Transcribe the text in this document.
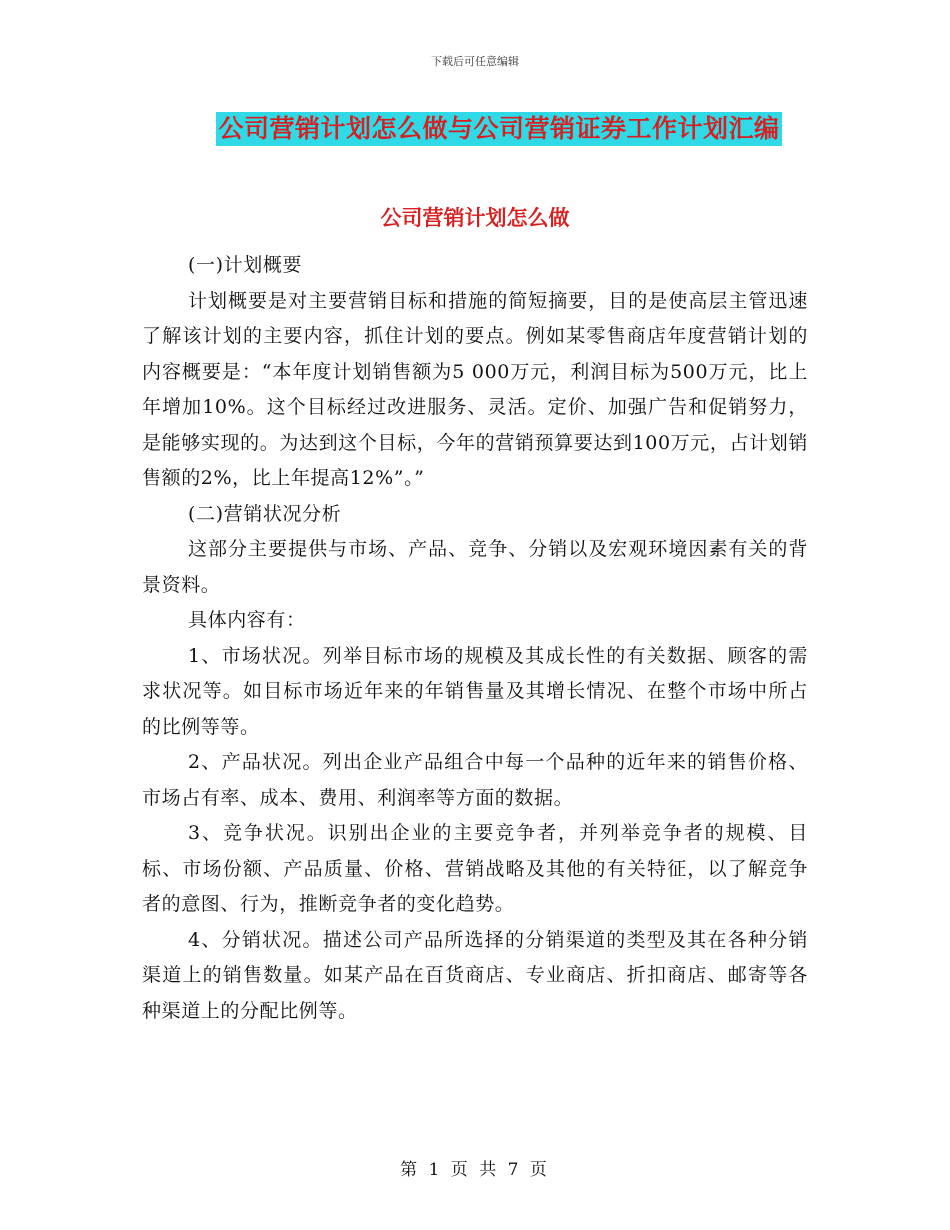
下载后可任意编辑
公司营销计划怎么做与公司营销证券工作计划汇编
公司营销计划怎么做

(一)计划概要

计划概要是对主要营销目标和措施的简短摘要，目的是使高层主管迅速了解该计划的主要内容，抓住计划的要点。例如某零售商店年度营销计划的内容概要是：“本年度计划销售额为5 000万元，利润目标为500万元，比上年增加10%。这个目标经过改进服务、灵活。定价、加强广告和促销努力，是能够实现的。为达到这个目标，今年的营销预算要达到100万元，占计划销售额的2%，比上年提高12%”。”

(二)营销状况分析

这部分主要提供与市场、产品、竞争、分销以及宏观环境因素有关的背景资料。

具体内容有：

1、市场状况。列举目标市场的规模及其成长性的有关数据、顾客的需求状况等。如目标市场近年来的年销售量及其增长情况、在整个市场中所占的比例等等。

2、产品状况。列出企业产品组合中每一个品种的近年来的销售价格、市场占有率、成本、费用、利润率等方面的数据。

3、竞争状况。识别出企业的主要竞争者，并列举竞争者的规模、目标、市场份额、产品质量、价格、营销战略及其他的有关特征，以了解竞争者的意图、行为，推断竞争者的变化趋势。

4、分销状况。描述公司产品所选择的分销渠道的类型及其在各种分销渠道上的销售数量。如某产品在百货商店、专业商店、折扣商店、邮寄等各种渠道上的分配比例等。

第 1 页 共 7 页
